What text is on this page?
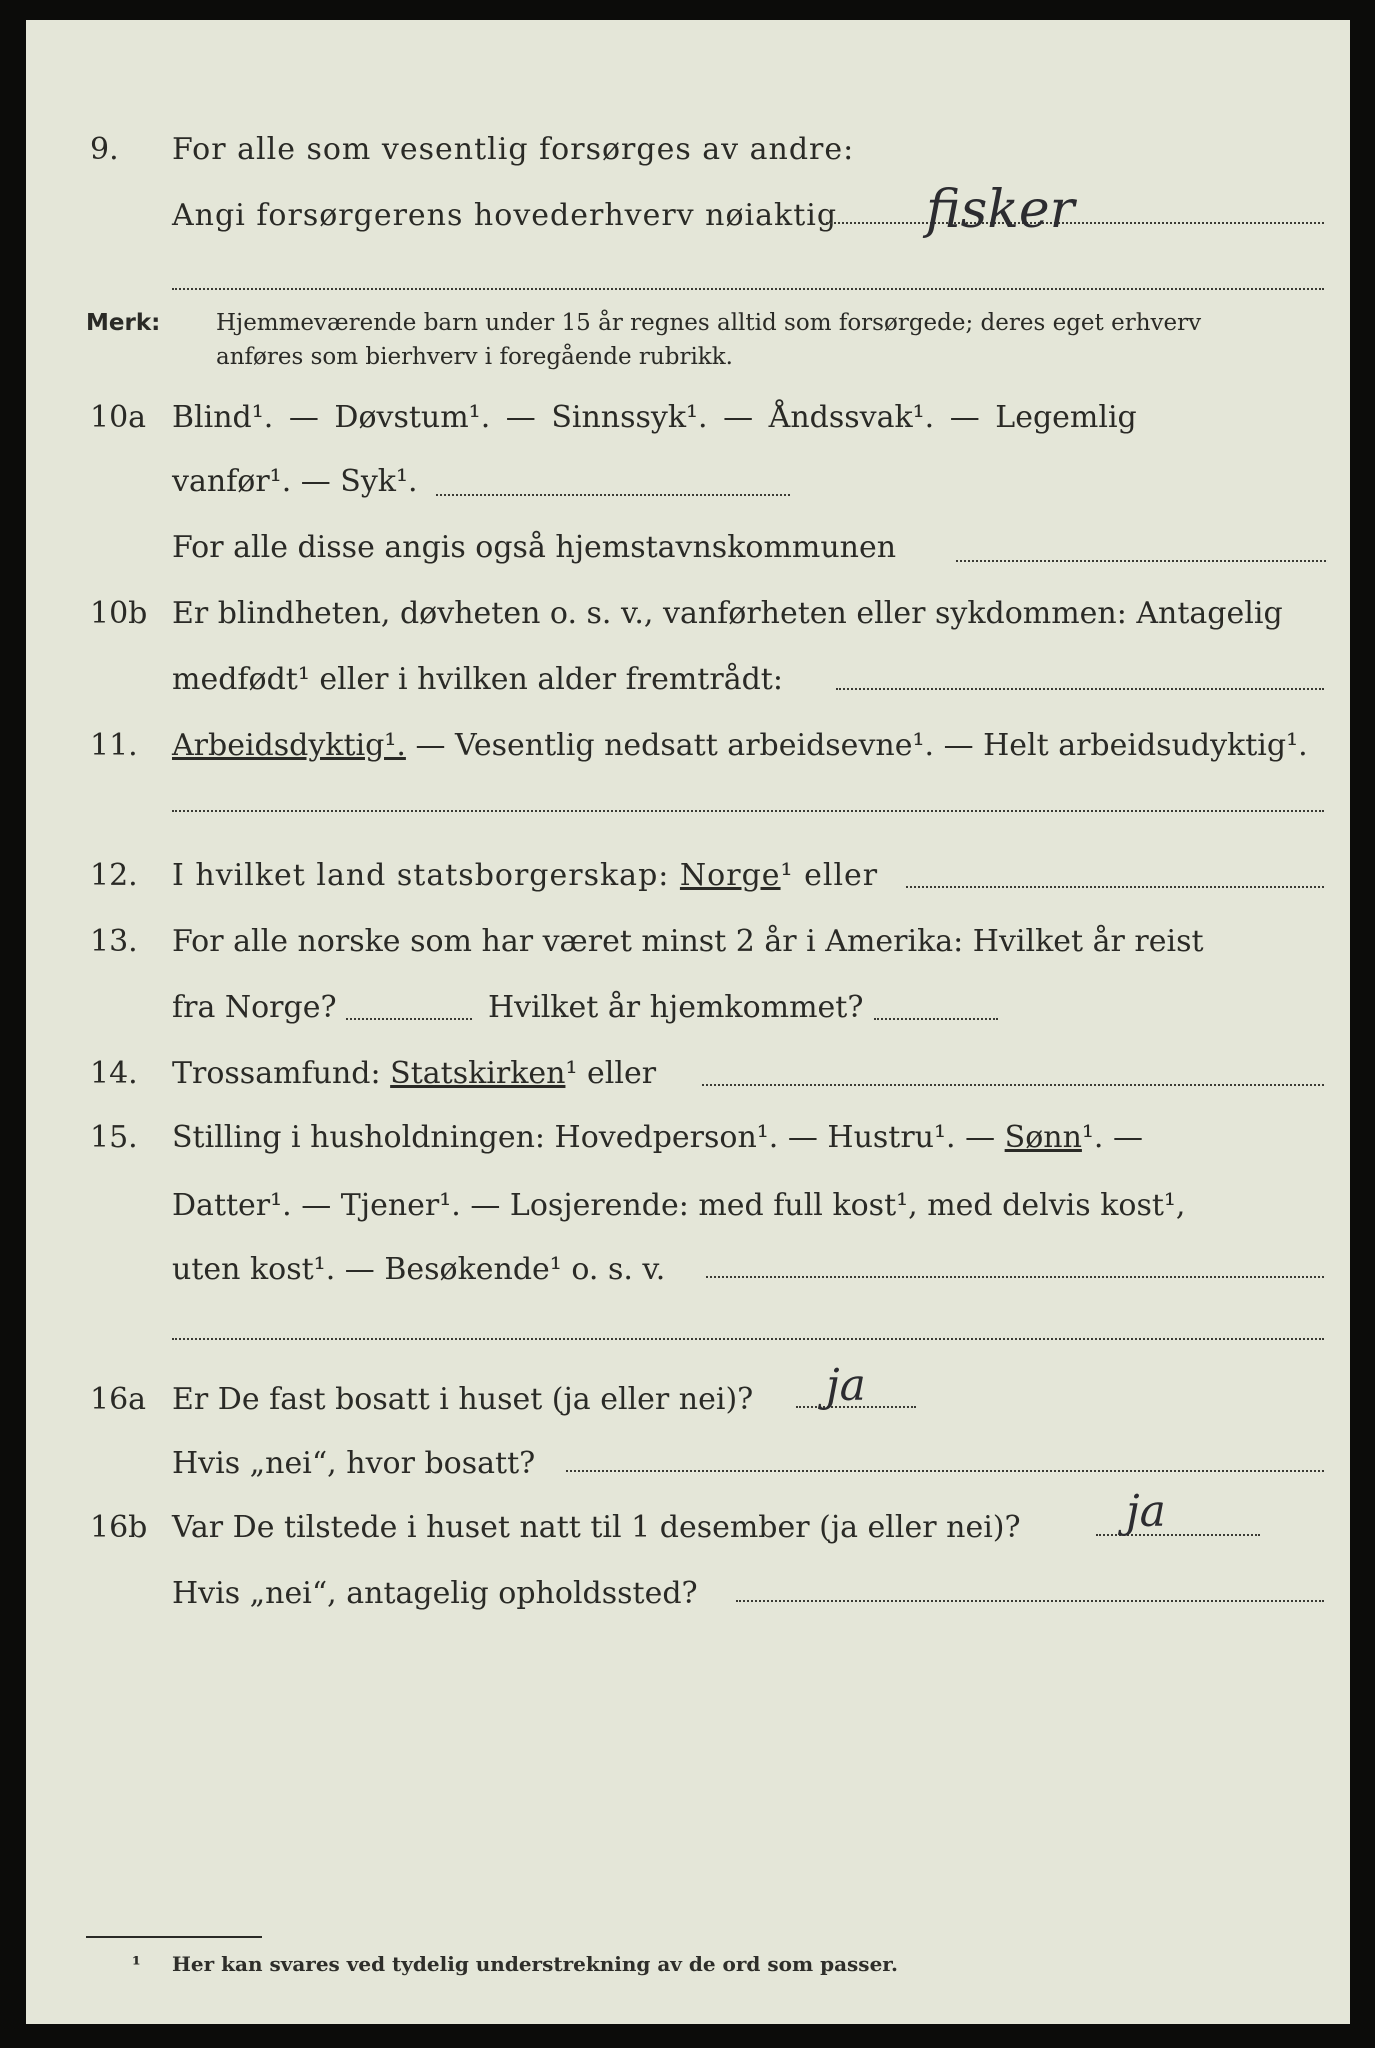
9. For alle som vesentlig forsørges av andre:
Angi forsørgerens hovederhverv nøiaktig fisker
Merk: Hjemmeværende barn under 15 år regnes alltid som forsørgede; deres eget erhverv
anføres som bierhverv i foregående rubrikk.
10a Blind¹. — Døvstum¹. — Sinnssyk¹. — Åndssvak¹. — Legemlig
vanfør¹. — Syk¹.
For alle disse angis også hjemstavnskommunen
10b Er blindheten, døvheten o. s. v., vanførheten eller sykdommen: Antagelig
medfødt¹ eller i hvilken alder fremtrådt:
11. Arbeidsdyktig¹. — Vesentlig nedsatt arbeidsevne¹. — Helt arbeidsudyktig¹.
12. I hvilket land statsborgerskap: Norge¹ eller
13. For alle norske som har været minst 2 år i Amerika: Hvilket år reist
fra Norge?	Hvilket år hjemkommet?
14. Trossamfund: Statskirken¹ eller
15. Stilling i husholdningen: Hovedperson¹. — Hustru¹. — Sønn¹. —
Datter¹. — Tjener¹. — Losjerende: med full kost¹, med delvis kost¹,
uten kost¹. — Besøkende¹ o. s. v.
16a Er De fast bosatt i huset (ja eller nei)? ja
Hvis „nei“, hvor bosatt?
16b Var De tilstede i huset natt til 1 desember (ja eller nei)? ja
Hvis „nei“, antagelig opholdssted?
¹ Her kan svares ved tydelig understrekning av de ord som passer.
